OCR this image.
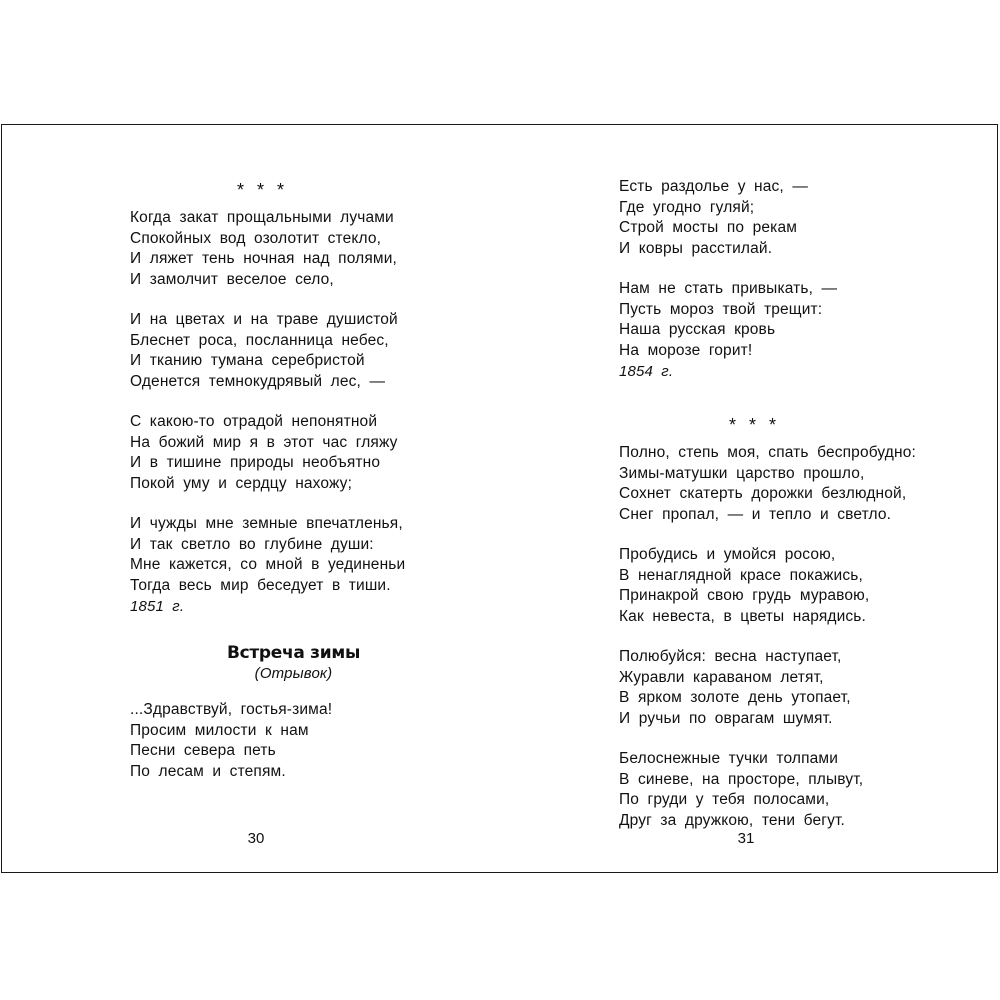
* * *
Когда закат прощальными лучами
Спокойных вод озолотит стекло,
И ляжет тень ночная над полями,
И замолчит веселое село,
И на цветах и на траве душистой
Блеснет роса, посланница небес,
И тканию тумана серебристой
Оденется темнокудрявый лес, —
С какою-то отрадой непонятной
На божий мир я в этот час гляжу
И в тишине природы необъятно
Покой уму и сердцу нахожу;
И чужды мне земные впечатленья,
И так светло во глубине души:
Мне кажется, со мной в уединеньи
Тогда весь мир беседует в тиши.
1851 г.
Встреча зимы
(Отрывок)
...Здравствуй, гостья-зима!
Просим милости к нам
Песни севера петь
По лесам и степям.
30
Есть раздолье у нас, —
Где угодно гуляй;
Строй мосты по рекам
И ковры расстилай.
Нам не стать привыкать, —
Пусть мороз твой трещит:
Наша русская кровь
На морозе горит!
1854 г.
* * *
Полно, степь моя, спать беспробудно:
Зимы-матушки царство прошло,
Сохнет скатерть дорожки безлюдной,
Снег пропал, — и тепло и светло.
Пробудись и умойся росою,
В ненаглядной красе покажись,
Принакрой свою грудь муравою,
Как невеста, в цветы нарядись.
Полюбуйся: весна наступает,
Журавли караваном летят,
В ярком золоте день утопает,
И ручьи по оврагам шумят.
Белоснежные тучки толпами
В синеве, на просторе, плывут,
По груди у тебя полосами,
Друг за дружкою, тени бегут.
31
